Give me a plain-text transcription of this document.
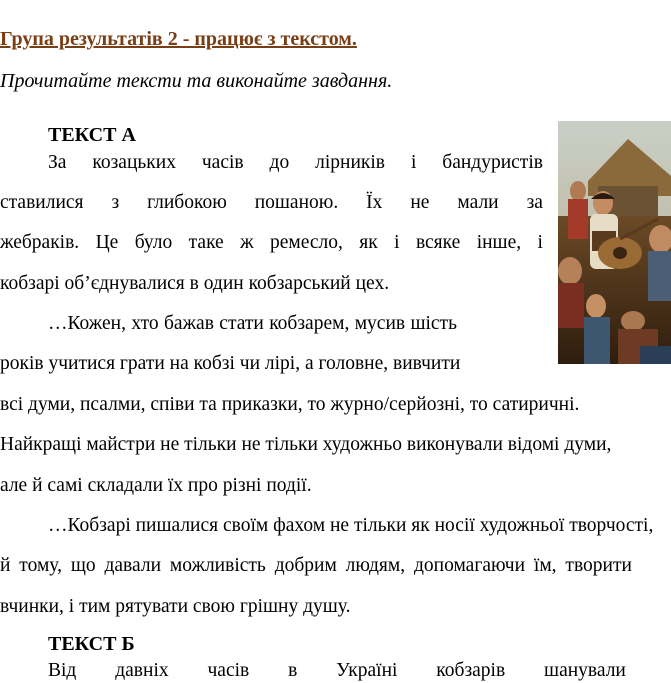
Група результатів 2 - працює з текстом.
Прочитайте тексти та виконайте завдання.
ТЕКСТ А
За козацьких часів до лірників і бандуристів
ставилися з глибокою пошаною. Їх не мали за
жебраків. Це було таке ж ремесло, як і всяке інше, і
кобзарі об’єднувалися в один кобзарський цех.
…Кожен, хто бажав стати кобзарем, мусив шість
років учитися грати на кобзі чи лірі, а головне, вивчити
всі думи, псалми, співи та приказки, то журно/серйозні, то сатиричні.
Найкращі майстри не тільки не тільки художньо виконували відомі думи,
але й самі складали їх про різні події.
…Кобзарі пишалися своїм фахом не тільки як носії художньої творчості,
й тому, що давали можливість добрим людям, допомагаючи їм, творити
вчинки, і тим рятувати свою грішну душу.
ТЕКСТ Б
Від давніх часів в Україні кобзарів шанували
